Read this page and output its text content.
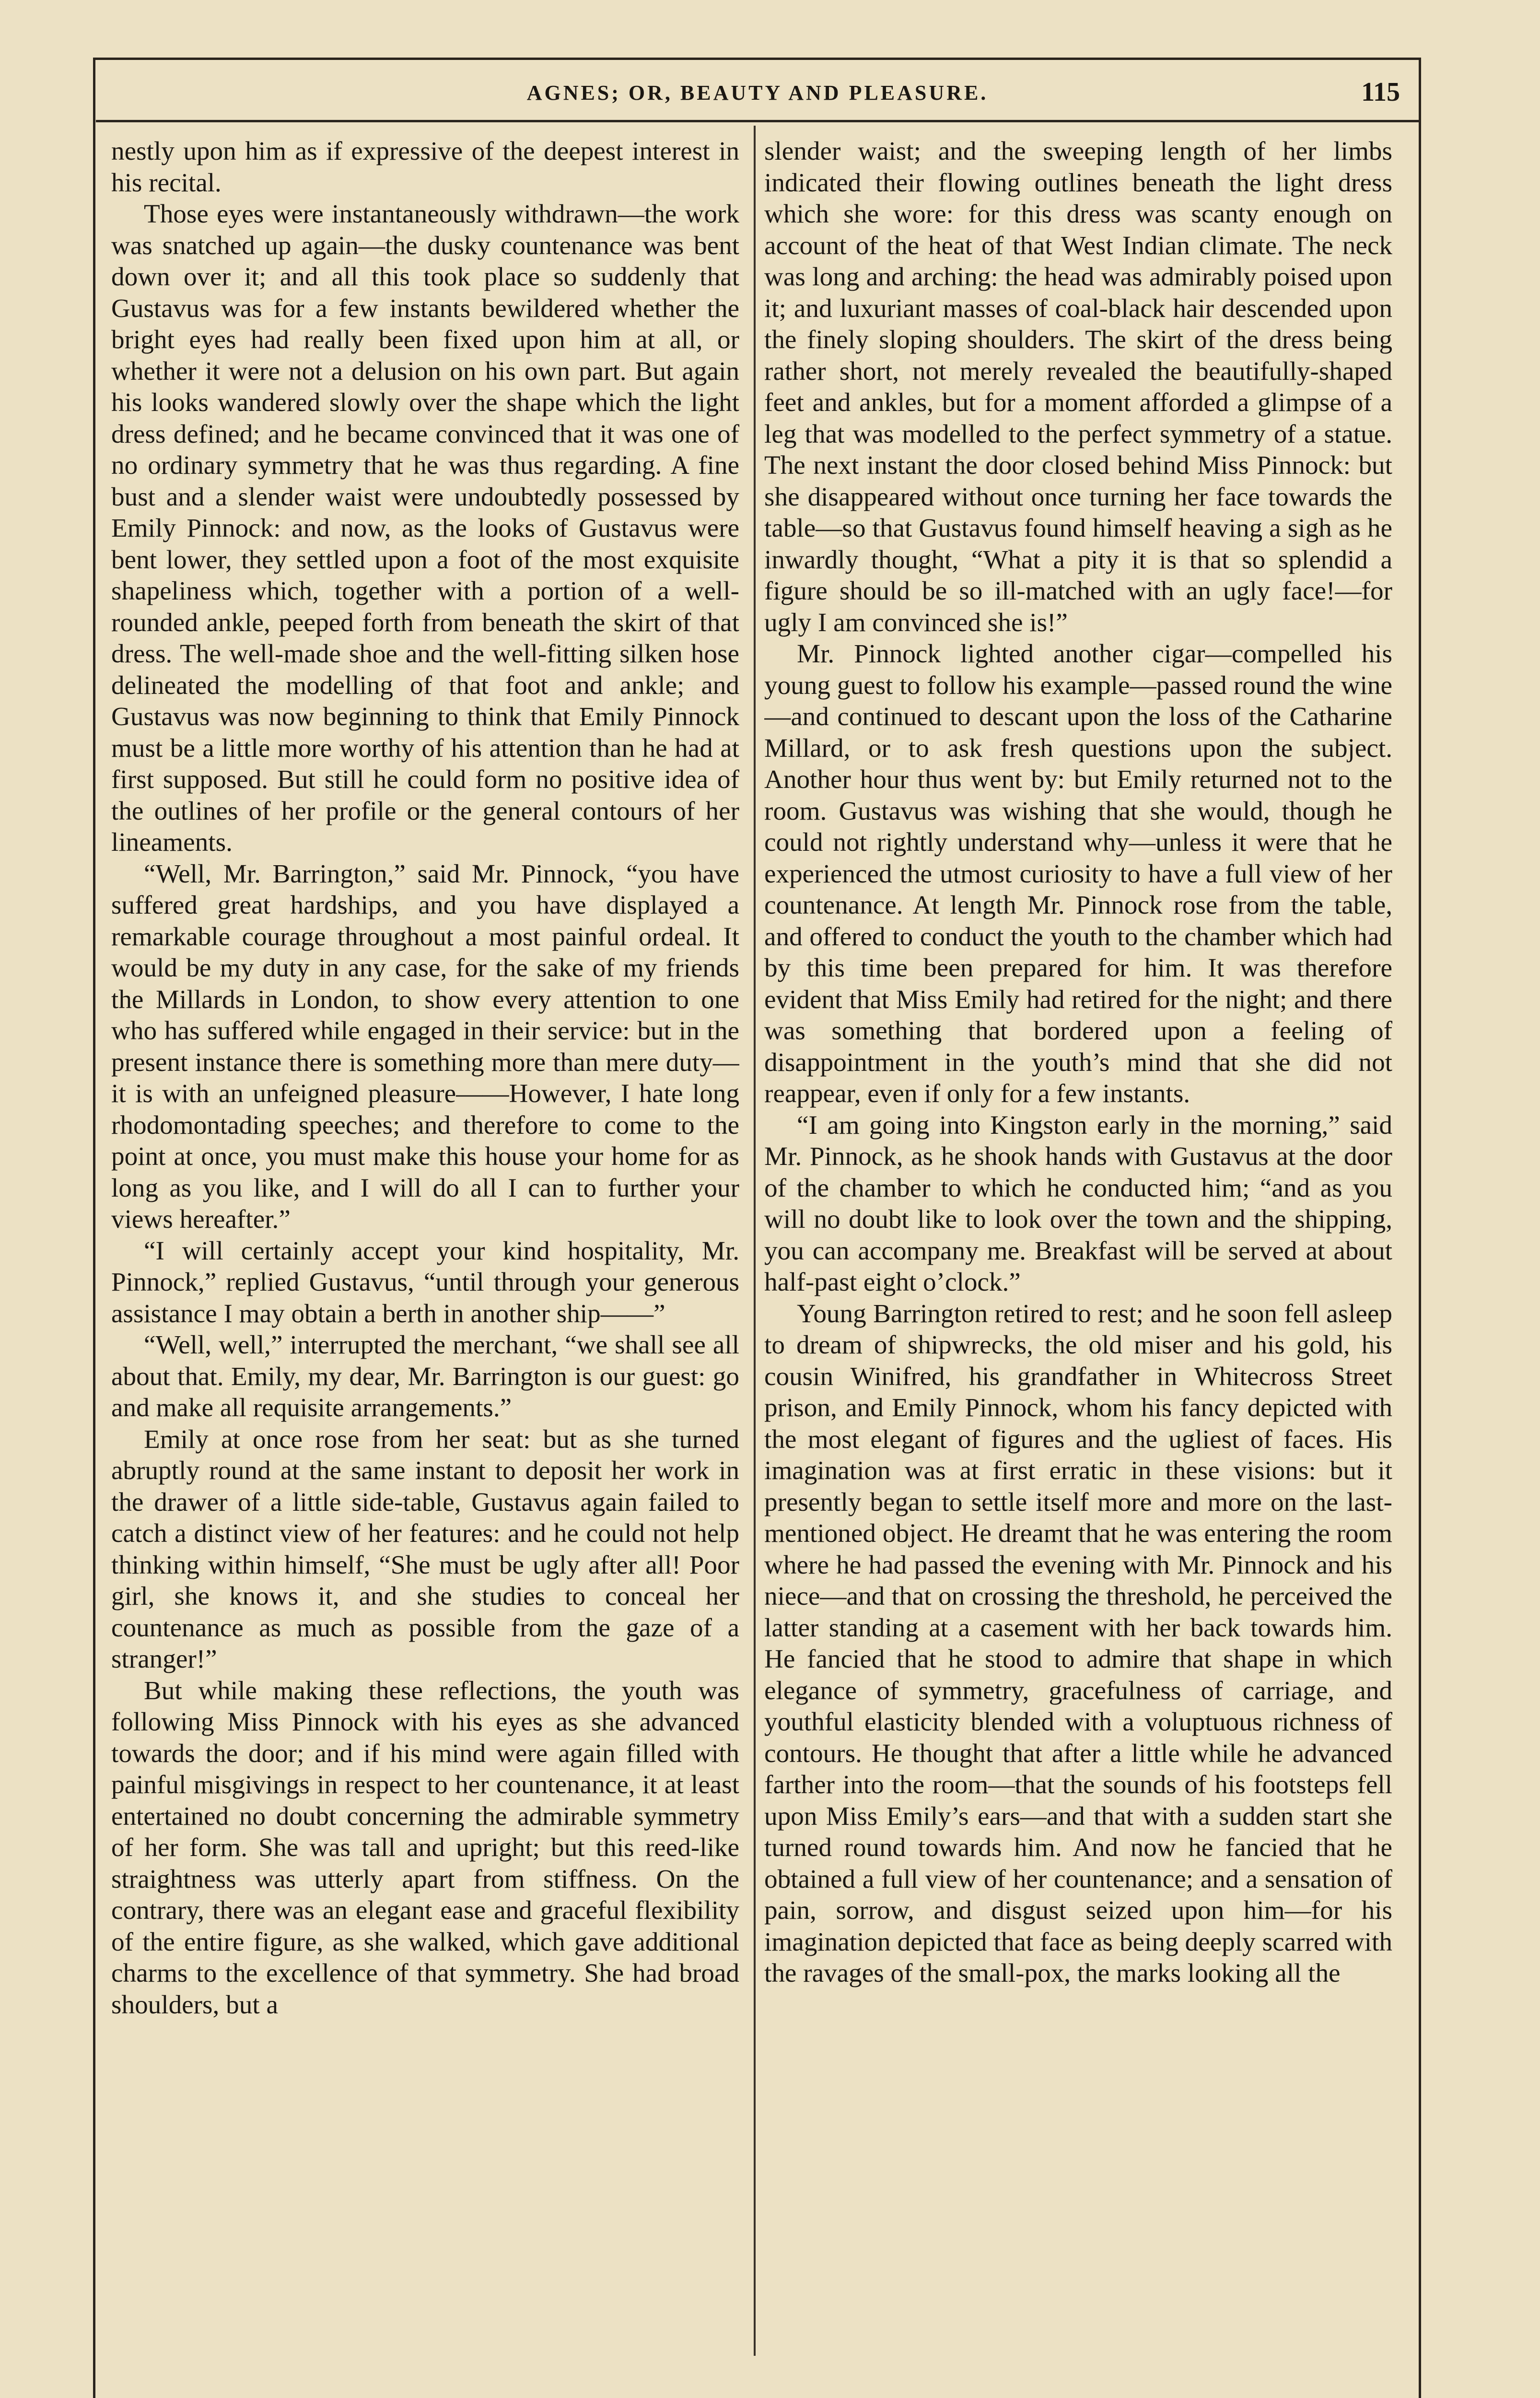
AGNES; OR, BEAUTY AND PLEASURE.	115

nestly upon him as if expressive of the deepest interest in his recital.

Those eyes were instantaneously withdrawn—the work was snatched up again—the dusky countenance was bent down over it; and all this took place so suddenly that Gustavus was for a few instants bewildered whether the bright eyes had really been fixed upon him at all, or whether it were not a delusion on his own part. But again his looks wandered slowly over the shape which the light dress defined; and he became convinced that it was one of no ordinary symmetry that he was thus regarding. A fine bust and a slender waist were undoubtedly possessed by Emily Pinnock: and now, as the looks of Gustavus were bent lower, they settled upon a foot of the most exquisite shapeliness which, together with a portion of a well-rounded ankle, peeped forth from beneath the skirt of that dress. The well-made shoe and the well-fitting silken hose delineated the modelling of that foot and ankle; and Gustavus was now beginning to think that Emily Pinnock must be a little more worthy of his attention than he had at first supposed. But still he could form no positive idea of the outlines of her profile or the general contours of her lineaments.

“Well, Mr. Barrington,” said Mr. Pinnock, “you have suffered great hardships, and you have displayed a remarkable courage throughout a most painful ordeal. It would be my duty in any case, for the sake of my friends the Millards in London, to show every attention to one who has suffered while engaged in their service: but in the present instance there is something more than mere duty—it is with an unfeigned pleasure——However, I hate long rhodomontading speeches; and therefore to come to the point at once, you must make this house your home for as long as you like, and I will do all I can to further your views hereafter.”

“I will certainly accept your kind hospitality, Mr. Pinnock,” replied Gustavus, “until through your generous assistance I may obtain a berth in another ship——”

“Well, well,” interrupted the merchant, “we shall see all about that. Emily, my dear, Mr. Barrington is our guest: go and make all requisite arrangements.”

Emily at once rose from her seat: but as she turned abruptly round at the same instant to deposit her work in the drawer of a little side-table, Gustavus again failed to catch a distinct view of her features: and he could not help thinking within himself, “She must be ugly after all! Poor girl, she knows it, and she studies to conceal her countenance as much as possible from the gaze of a stranger!”

But while making these reflections, the youth was following Miss Pinnock with his eyes as she advanced towards the door; and if his mind were again filled with painful misgivings in respect to her countenance, it at least entertained no doubt concerning the admirable symmetry of her form. She was tall and upright; but this reed-like straightness was utterly apart from stiffness. On the contrary, there was an elegant ease and graceful flexibility of the entire figure, as she walked, which gave additional charms to the excellence of that symmetry. She had broad shoulders, but a

slender waist; and the sweeping length of her limbs indicated their flowing outlines beneath the light dress which she wore: for this dress was scanty enough on account of the heat of that West Indian climate. The neck was long and arching: the head was admirably poised upon it; and luxuriant masses of coal-black hair descended upon the finely sloping shoulders. The skirt of the dress being rather short, not merely revealed the beautifully-shaped feet and ankles, but for a moment afforded a glimpse of a leg that was modelled to the perfect symmetry of a statue. The next instant the door closed behind Miss Pinnock: but she disappeared without once turning her face towards the table—so that Gustavus found himself heaving a sigh as he inwardly thought, “What a pity it is that so splendid a figure should be so ill-matched with an ugly face!—for ugly I am convinced she is!”

Mr. Pinnock lighted another cigar—compelled his young guest to follow his example—passed round the wine—and continued to descant upon the loss of the Catharine Millard, or to ask fresh questions upon the subject. Another hour thus went by: but Emily returned not to the room. Gustavus was wishing that she would, though he could not rightly understand why—unless it were that he experienced the utmost curiosity to have a full view of her countenance. At length Mr. Pinnock rose from the table, and offered to conduct the youth to the chamber which had by this time been prepared for him. It was therefore evident that Miss Emily had retired for the night; and there was something that bordered upon a feeling of disappointment in the youth’s mind that she did not reappear, even if only for a few instants.

“I am going into Kingston early in the morning,” said Mr. Pinnock, as he shook hands with Gustavus at the door of the chamber to which he conducted him; “and as you will no doubt like to look over the town and the shipping, you can accompany me. Breakfast will be served at about half-past eight o’clock.”

Young Barrington retired to rest; and he soon fell asleep to dream of shipwrecks, the old miser and his gold, his cousin Winifred, his grandfather in Whitecross Street prison, and Emily Pinnock, whom his fancy depicted with the most elegant of figures and the ugliest of faces. His imagination was at first erratic in these visions: but it presently began to settle itself more and more on the last-mentioned object. He dreamt that he was entering the room where he had passed the evening with Mr. Pinnock and his niece—and that on crossing the threshold, he perceived the latter standing at a casement with her back towards him. He fancied that he stood to admire that shape in which elegance of symmetry, gracefulness of carriage, and youthful elasticity blended with a voluptuous richness of contours. He thought that after a little while he advanced farther into the room—that the sounds of his footsteps fell upon Miss Emily’s ears—and that with a sudden start she turned round towards him. And now he fancied that he obtained a full view of her countenance; and a sensation of pain, sorrow, and disgust seized upon him—for his imagination depicted that face as being deeply scarred with the ravages of the small-pox, the marks looking all the
